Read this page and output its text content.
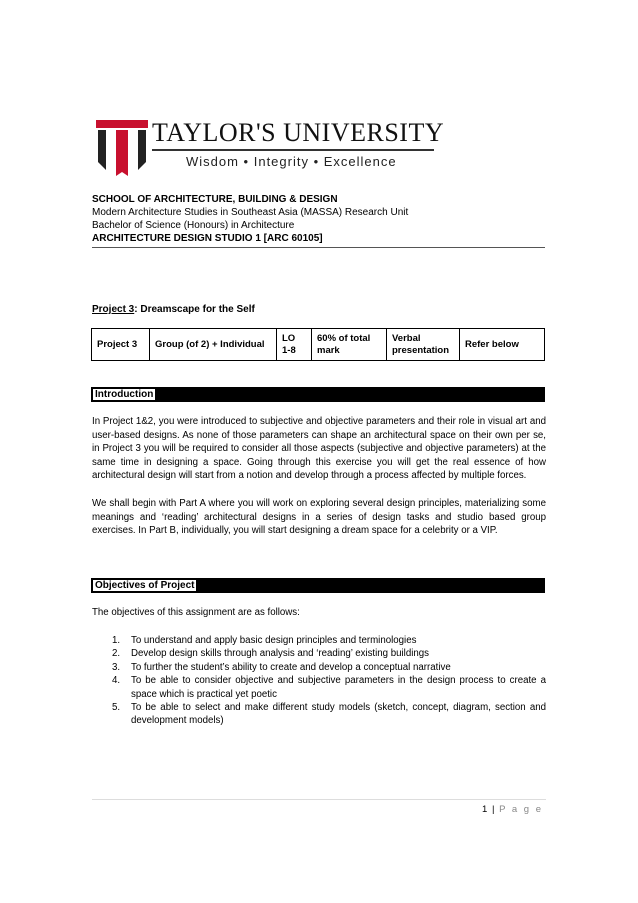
TAYLOR'S UNIVERSITY
Wisdom • Integrity • Excellence
SCHOOL OF ARCHITECTURE, BUILDING & DESIGN
Modern Architecture Studies in Southeast Asia (MASSA) Research Unit
Bachelor of Science (Honours) in Architecture
ARCHITECTURE DESIGN STUDIO 1 [ARC 60105]
Project 3: Dreamscape for the Self
Project 3	Group (of 2) + Individual	LO 1-8	60% of total mark	Verbal presentation	Refer below
Introduction

In Project 1&2, you were introduced to subjective and objective parameters and their role in visual art and user-based designs. As none of those parameters can shape an architectural space on their own per se, in Project 3 you will be required to consider all those aspects (subjective and objective parameters) at the same time in designing a space. Going through this exercise you will get the real essence of how architectural design will start from a notion and develop through a process affected by multiple forces.

We shall begin with Part A where you will work on exploring several design principles, materializing some meanings and ‘reading’ architectural designs in a series of design tasks and studio based group exercises. In Part B, individually, you will start designing a dream space for a celebrity or a VIP.

Objectives of Project

The objectives of this assignment are as follows:

1. To understand and apply basic design principles and terminologies
2. Develop design skills through analysis and ‘reading’ existing buildings
3. To further the student’s ability to create and develop a conceptual narrative
4. To be able to consider objective and subjective parameters in the design process to create a space which is practical yet poetic
5. To be able to select and make different study models (sketch, concept, diagram, section and development models)
1 | P a g e
